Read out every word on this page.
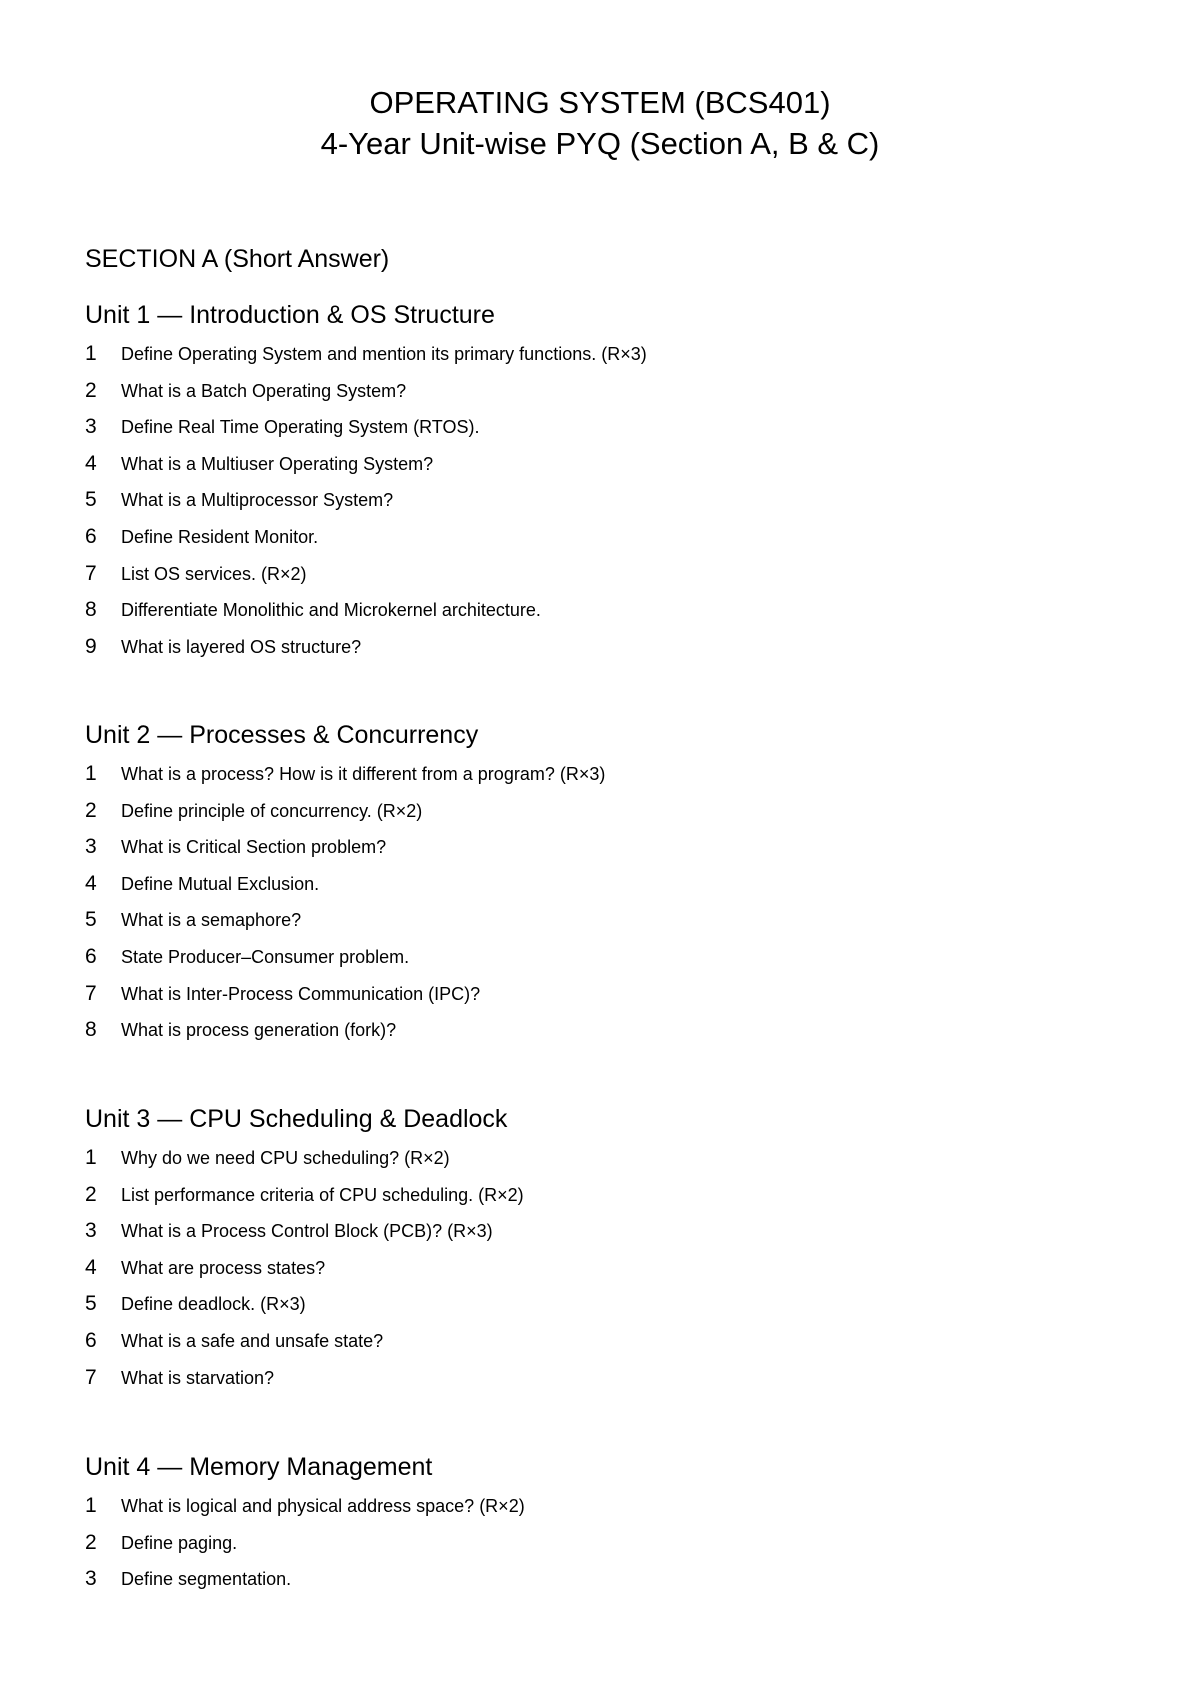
OPERATING SYSTEM (BCS401)
4-Year Unit-wise PYQ (Section A, B & C)
SECTION A (Short Answer)
Unit 1 — Introduction & OS Structure
1	Define Operating System and mention its primary functions. (R×3)
2	What is a Batch Operating System?
3	Define Real Time Operating System (RTOS).
4	What is a Multiuser Operating System?
5	What is a Multiprocessor System?
6	Define Resident Monitor.
7	List OS services. (R×2)
8	Differentiate Monolithic and Microkernel architecture.
9	What is layered OS structure?
Unit 2 — Processes & Concurrency
1	What is a process? How is it different from a program? (R×3)
2	Define principle of concurrency. (R×2)
3	What is Critical Section problem?
4	Define Mutual Exclusion.
5	What is a semaphore?
6	State Producer–Consumer problem.
7	What is Inter-Process Communication (IPC)?
8	What is process generation (fork)?
Unit 3 — CPU Scheduling & Deadlock
1	Why do we need CPU scheduling? (R×2)
2	List performance criteria of CPU scheduling. (R×2)
3	What is a Process Control Block (PCB)? (R×3)
4	What are process states?
5	Define deadlock. (R×3)
6	What is a safe and unsafe state?
7	What is starvation?
Unit 4 — Memory Management
1	What is logical and physical address space? (R×2)
2	Define paging.
3	Define segmentation.
